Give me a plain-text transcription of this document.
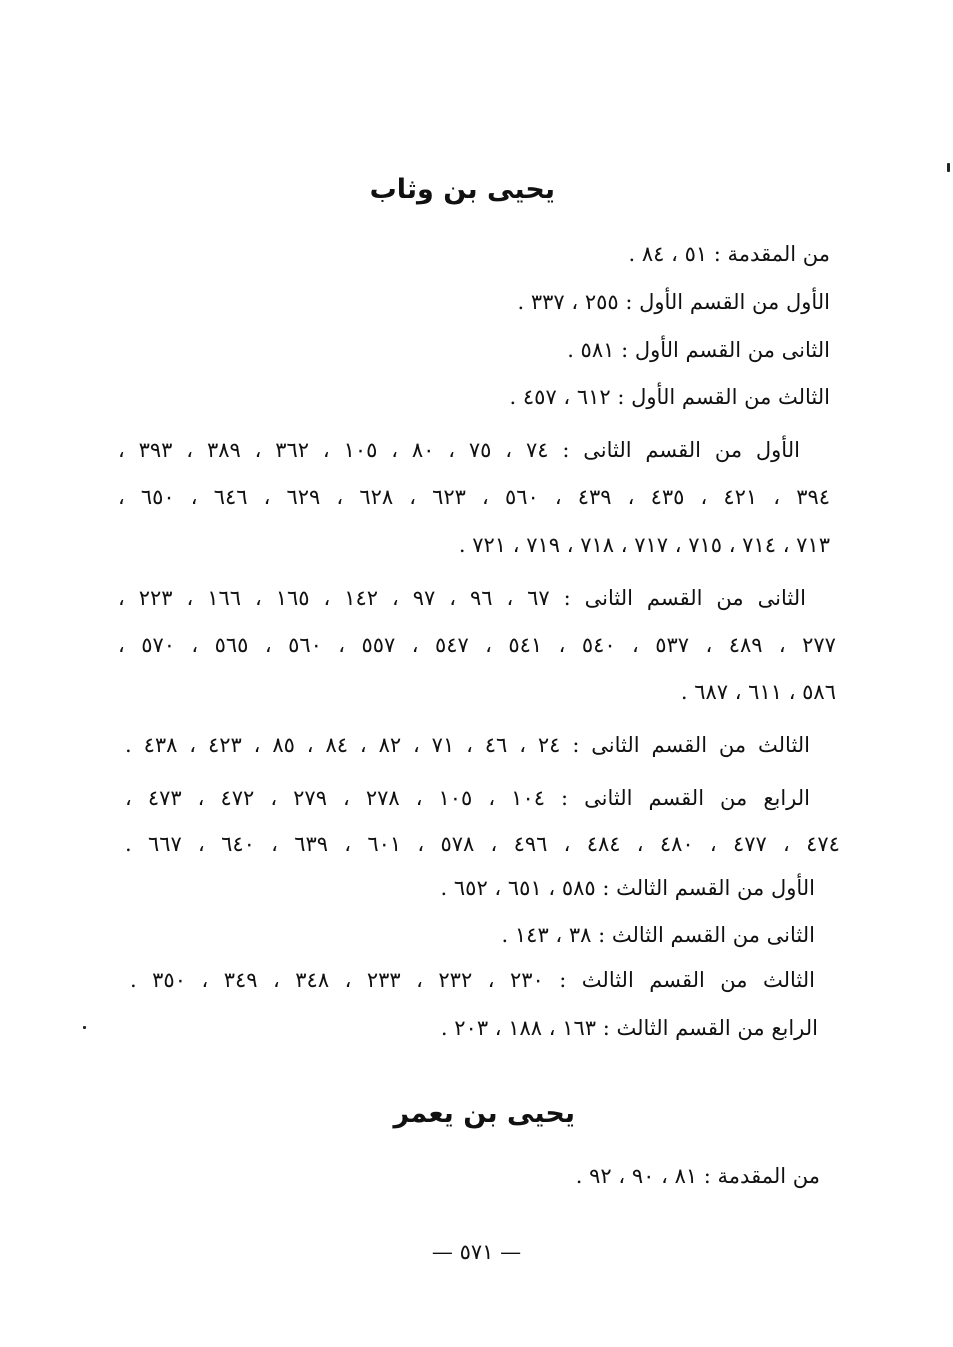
يحيى بن وثاب
من المقدمة : ٥١ ، ٨٤ .
الأول من القسم الأول : ٢٥٥ ، ٣٣٧ .
الثانى من القسم الأول : ٥٨١ .
الثالث من القسم الأول : ٦١٢ ، ٤٥٧ .
الأول من القسم الثانى : ٧٤ ، ٧٥ ، ٨٠ ، ١٠٥ ، ٣٦٢ ، ٣٨٩ ، ٣٩٣ ،
٣٩٤ ، ٤٢١ ، ٤٣٥ ، ٤٣٩ ، ٥٦٠ ، ٦٢٣ ، ٦٢٨ ، ٦٢٩ ، ٦٤٦ ، ٦٥٠ ،
٧١٣ ، ٧١٤ ، ٧١٥ ، ٧١٧ ، ٧١٨ ، ٧١٩ ، ٧٢١ .
الثانى من القسم الثانى : ٦٧ ، ٩٦ ، ٩٧ ، ١٤٢ ، ١٦٥ ، ١٦٦ ، ٢٢٣ ،
٢٧٧ ، ٤٨٩ ، ٥٣٧ ، ٥٤٠ ، ٥٤١ ، ٥٤٧ ، ٥٥٧ ، ٥٦٠ ، ٥٦٥ ، ٥٧٠ ،
٥٨٦ ، ٦١١ ، ٦٨٧ .
الثالث من القسم الثانى : ٢٤ ، ٤٦ ، ٧١ ، ٨٢ ، ٨٤ ، ٨٥ ، ٤٢٣ ، ٤٣٨ .
الرابع من القسم الثانى : ١٠٤ ، ١٠٥ ، ٢٧٨ ، ٢٧٩ ، ٤٧٢ ، ٤٧٣ ،
٤٧٤ ، ٤٧٧ ، ٤٨٠ ، ٤٨٤ ، ٤٩٦ ، ٥٧٨ ، ٦٠١ ، ٦٣٩ ، ٦٤٠ ، ٦٦٧ .
الأول من القسم الثالث : ٥٨٥ ، ٦٥١ ، ٦٥٢ .
الثانى من القسم الثالث : ٣٨ ، ١٤٣ .
الثالث من القسم الثالث : ٢٣٠ ، ٢٣٢ ، ٢٣٣ ، ٣٤٨ ، ٣٤٩ ، ٣٥٠ .
الرابع من القسم الثالث : ١٦٣ ، ١٨٨ ، ٢٠٣ .
يحيى بن يعمر
من المقدمة : ٨١ ، ٩٠ ، ٩٢ .
— ٥٧١ —
